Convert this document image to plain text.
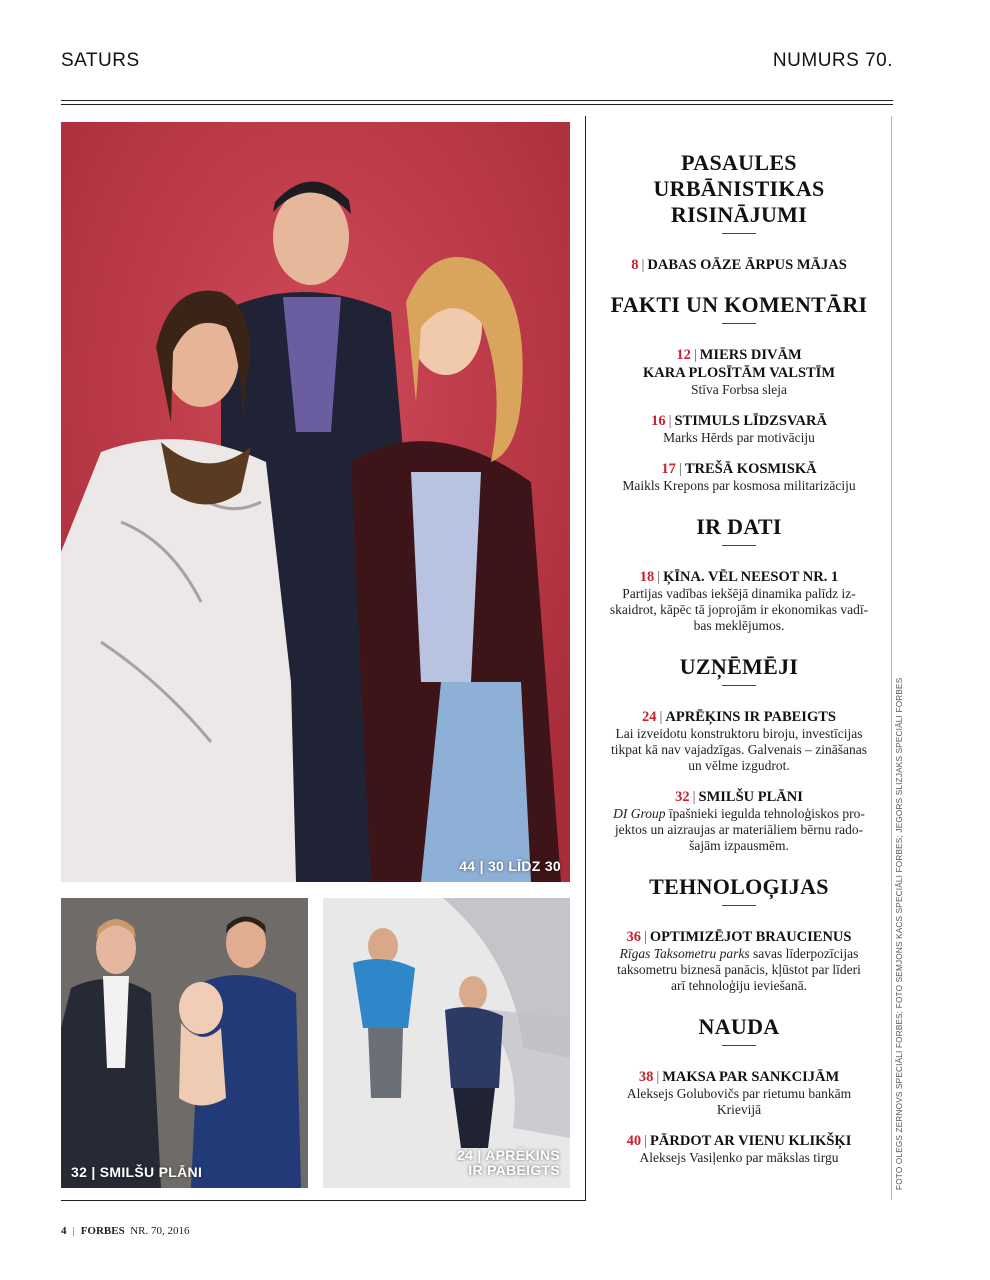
SATURS	NUMURS 70.
44 | 30 LĪDZ 30
32 | SMILŠU PLĀNI
24 | APRĒĶINS
IR PABEIGTS
PASAULES
URBĀNISTIKAS
RISINĀJUMI
8 | DABAS OĀZE ĀRPUS MĀJAS
FAKTI UN KOMENTĀRI
12 | MIERS DIVĀM
KARA PLOSĪTĀM VALSTĪM
Stīva Forbsa sleja
16 | STIMULS LĪDZSVARĀ
Marks Hērds par motivāciju
17 | TREŠĀ KOSMISKĀ
Maikls Krepons par kosmosa militarizāciju
IR DATI
18 | ĶĪNA. VĒL NEESOT NR. 1
Partijas vadības iekšējā dinamika palīdz iz-
skaidrot, kāpēc tā joprojām ir ekonomikas vadī-
bas meklējumos.
UZŅĒMĒJI
24 | APRĒĶINS IR PABEIGTS
Lai izveidotu konstruktoru biroju, investīcijas
tikpat kā nav vajadzīgas. Galvenais – zināšanas
un vēlme izgudrot.
32 | SMILŠU PLĀNI
DI Group īpašnieki iegulda tehnoloģiskos pro-
jektos un aizraujas ar materiāliem bērnu rado-
šajām izpausmēm.
TEHNOLOĢIJAS
36 | OPTIMIZĒJOT BRAUCIENUS
Rīgas Taksometru parks savas līderpozīcijas
taksometru biznesā panācis, kļūstot par līderi
arī tehnoloģiju ieviešanā.
NAUDA
38 | MAKSA PAR SANKCIJĀM
Aleksejs Golubovičs par rietumu bankām
Krievijā
40 | PĀRDOT AR VIENU KLIKŠĶI
Aleksejs Vasiļenko par mākslas tirgu	FOTO OLEGS ZERNOVS SPECIĀLI FORBES; FOTO SEMJONS KACS SPECIĀLI FORBES; JEGORS SLIZJAKS SPECIĀLI FORBES
4 | FORBES NR. 70, 2016
